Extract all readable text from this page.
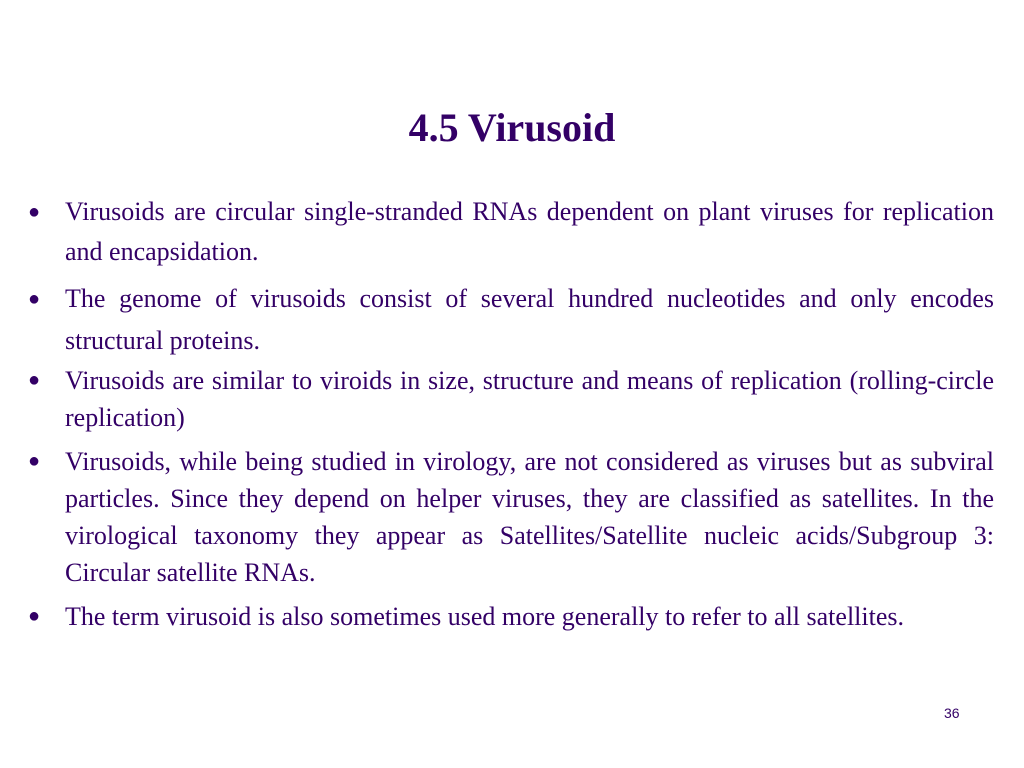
4.5 Virusoid
● Virusoids are circular single-stranded RNAs dependent on plant viruses for replication and encapsidation.
● The genome of virusoids consist of several hundred nucleotides and only encodes structural proteins.
● Virusoids are similar to viroids in size, structure and means of replication (rolling-circle replication)
● Virusoids, while being studied in virology, are not considered as viruses but as subviral particles. Since they depend on helper viruses, they are classified as satellites. In the virological taxonomy they appear as Satellites/Satellite nucleic acids/Subgroup 3: Circular satellite RNAs.
● The term virusoid is also sometimes used more generally to refer to all satellites.
36
